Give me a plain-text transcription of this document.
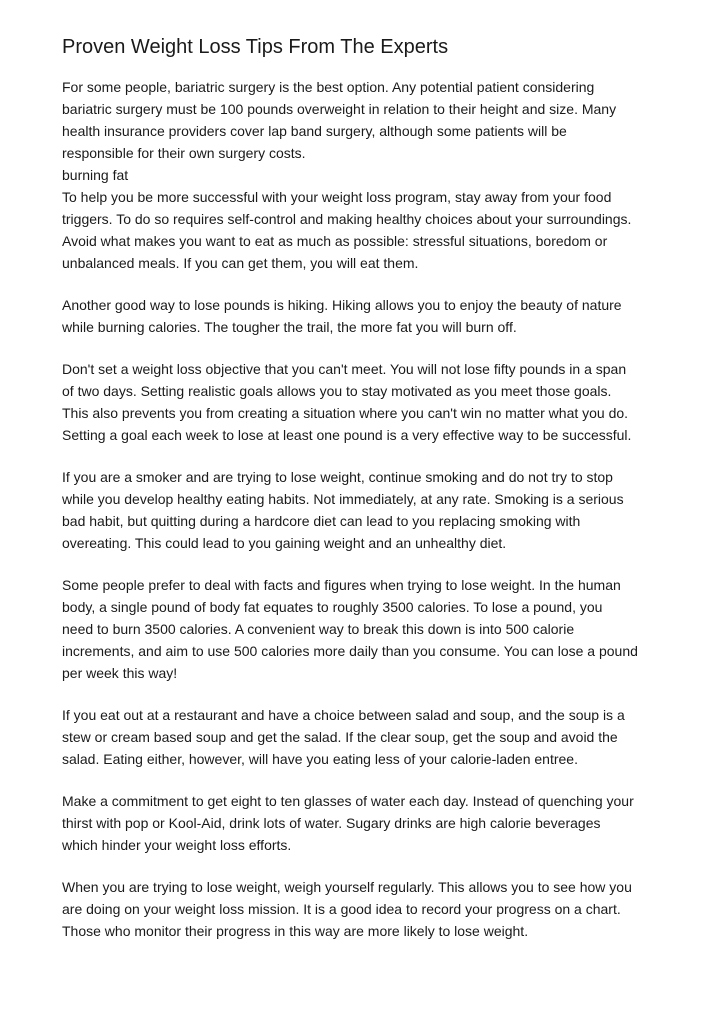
Proven Weight Loss Tips From The Experts

For some people, bariatric surgery is the best option. Any potential patient considering
bariatric surgery must be 100 pounds overweight in relation to their height and size. Many
health insurance providers cover lap band surgery, although some patients will be
responsible for their own surgery costs.
burning fat
To help you be more successful with your weight loss program, stay away from your food
triggers. To do so requires self-control and making healthy choices about your surroundings.
Avoid what makes you want to eat as much as possible: stressful situations, boredom or
unbalanced meals. If you can get them, you will eat them.

Another good way to lose pounds is hiking. Hiking allows you to enjoy the beauty of nature
while burning calories. The tougher the trail, the more fat you will burn off.

Don't set a weight loss objective that you can't meet. You will not lose fifty pounds in a span
of two days. Setting realistic goals allows you to stay motivated as you meet those goals.
This also prevents you from creating a situation where you can't win no matter what you do.
Setting a goal each week to lose at least one pound is a very effective way to be successful.

If you are a smoker and are trying to lose weight, continue smoking and do not try to stop
while you develop healthy eating habits. Not immediately, at any rate. Smoking is a serious
bad habit, but quitting during a hardcore diet can lead to you replacing smoking with
overeating. This could lead to you gaining weight and an unhealthy diet.

Some people prefer to deal with facts and figures when trying to lose weight. In the human
body, a single pound of body fat equates to roughly 3500 calories. To lose a pound, you
need to burn 3500 calories. A convenient way to break this down is into 500 calorie
increments, and aim to use 500 calories more daily than you consume. You can lose a pound
per week this way!

If you eat out at a restaurant and have a choice between salad and soup, and the soup is a
stew or cream based soup and get the salad. If the clear soup, get the soup and avoid the
salad. Eating either, however, will have you eating less of your calorie-laden entree.

Make a commitment to get eight to ten glasses of water each day. Instead of quenching your
thirst with pop or Kool-Aid, drink lots of water. Sugary drinks are high calorie beverages
which hinder your weight loss efforts.

When you are trying to lose weight, weigh yourself regularly. This allows you to see how you
are doing on your weight loss mission. It is a good idea to record your progress on a chart.
Those who monitor their progress in this way are more likely to lose weight.
